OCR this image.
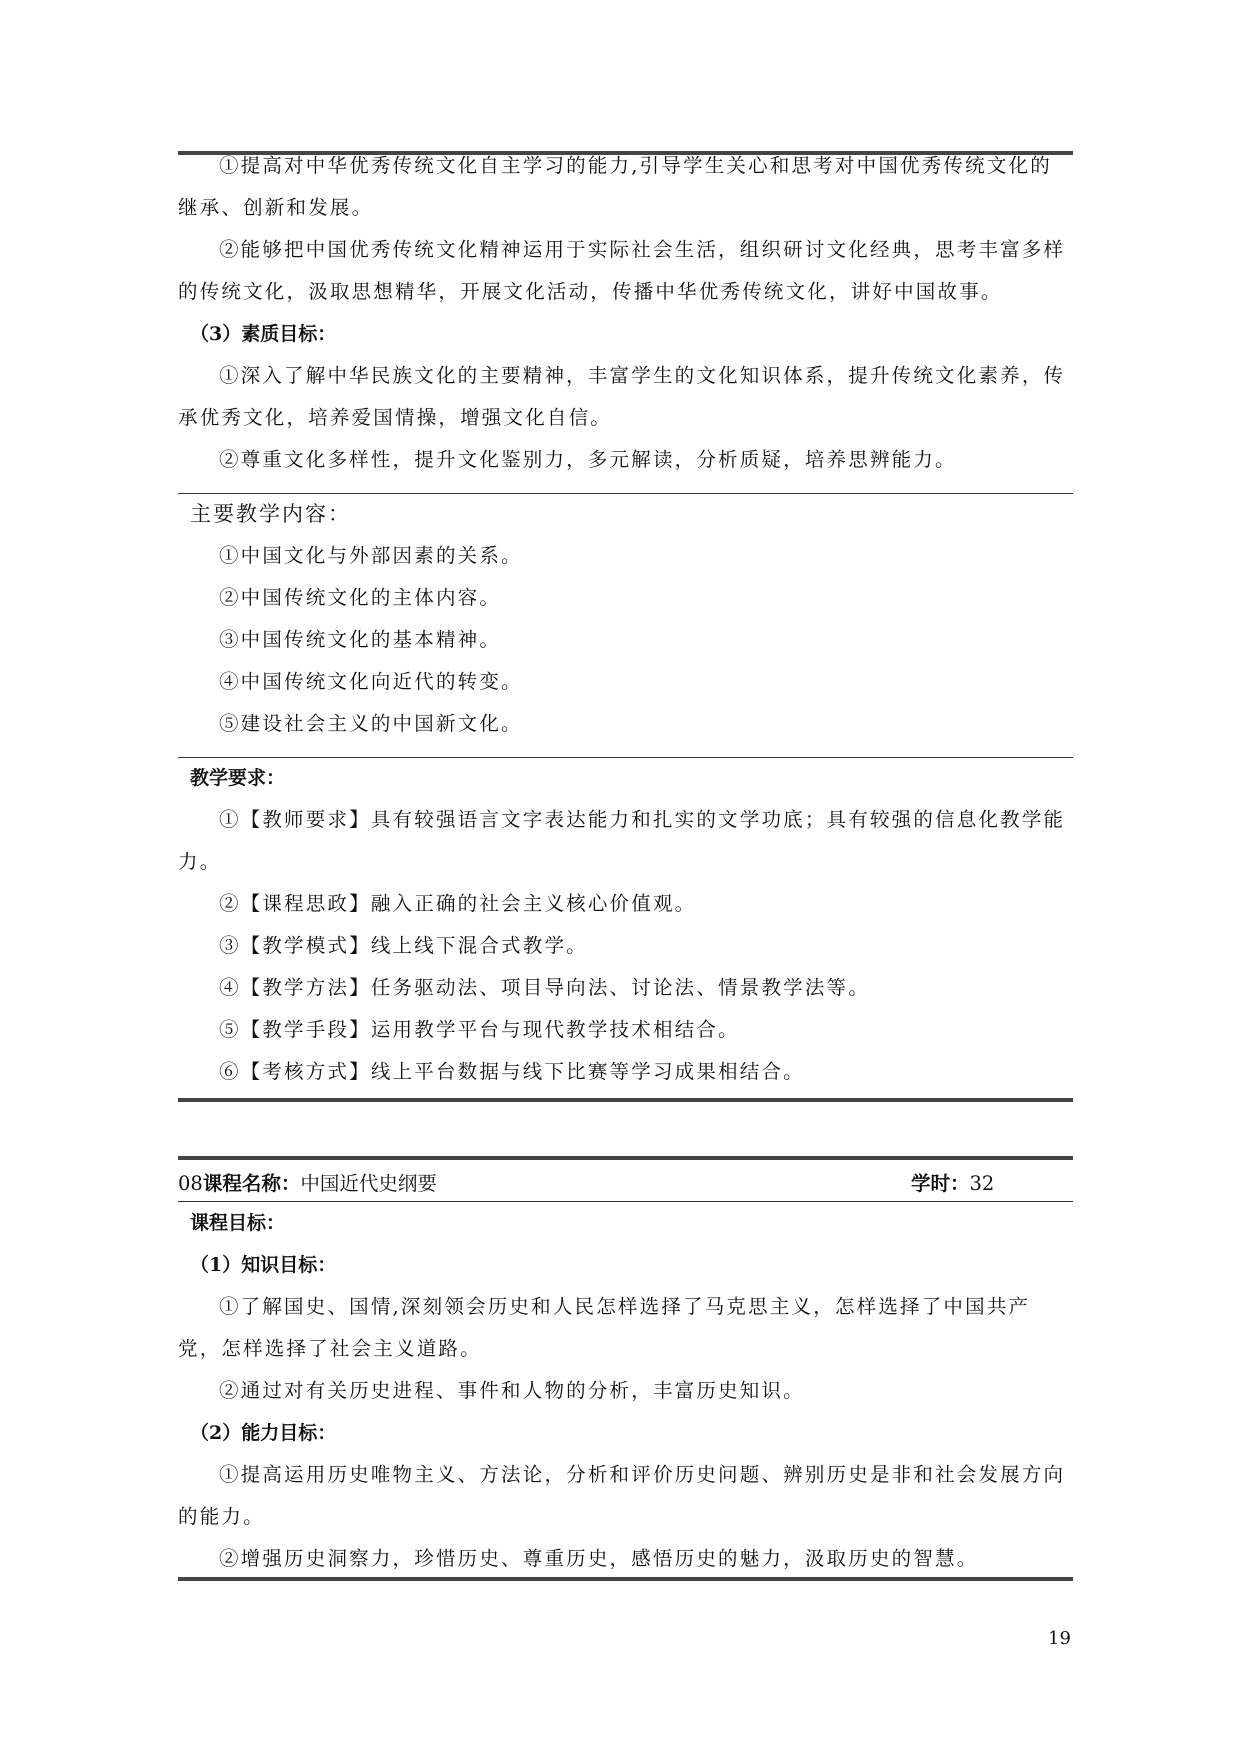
①提高对中华优秀传统文化自主学习的能力,引导学生关心和思考对中国优秀传统文化的继承、创新和发展。

②能够把中国优秀传统文化精神运用于实际社会生活，组织研讨文化经典，思考丰富多样的传统文化，汲取思想精华，开展文化活动，传播中华优秀传统文化，讲好中国故事。

（3）素质目标：

①深入了解中华民族文化的主要精神，丰富学生的文化知识体系，提升传统文化素养，传承优秀文化，培养爱国情操，增强文化自信。

②尊重文化多样性，提升文化鉴别力，多元解读，分析质疑，培养思辨能力。

主要教学内容：

①中国文化与外部因素的关系。

②中国传统文化的主体内容。

③中国传统文化的基本精神。

④中国传统文化向近代的转变。

⑤建设社会主义的中国新文化。

教学要求：

①【教师要求】具有较强语言文字表达能力和扎实的文学功底；具有较强的信息化教学能力。

②【课程思政】融入正确的社会主义核心价值观。

③【教学模式】线上线下混合式教学。

④【教学方法】任务驱动法、项目导向法、讨论法、情景教学法等。

⑤【教学手段】运用教学平台与现代教学技术相结合。

⑥【考核方式】线上平台数据与线下比赛等学习成果相结合。

08课程名称：中国近代史纲要	学时：32

课程目标：

（1）知识目标：

①了解国史、国情,深刻领会历史和人民怎样选择了马克思主义，怎样选择了中国共产党，怎样选择了社会主义道路。

②通过对有关历史进程、事件和人物的分析，丰富历史知识。

（2）能力目标：

①提高运用历史唯物主义、方法论，分析和评价历史问题、辨别历史是非和社会发展方向的能力。

②增强历史洞察力，珍惜历史、尊重历史，感悟历史的魅力，汲取历史的智慧。

19
